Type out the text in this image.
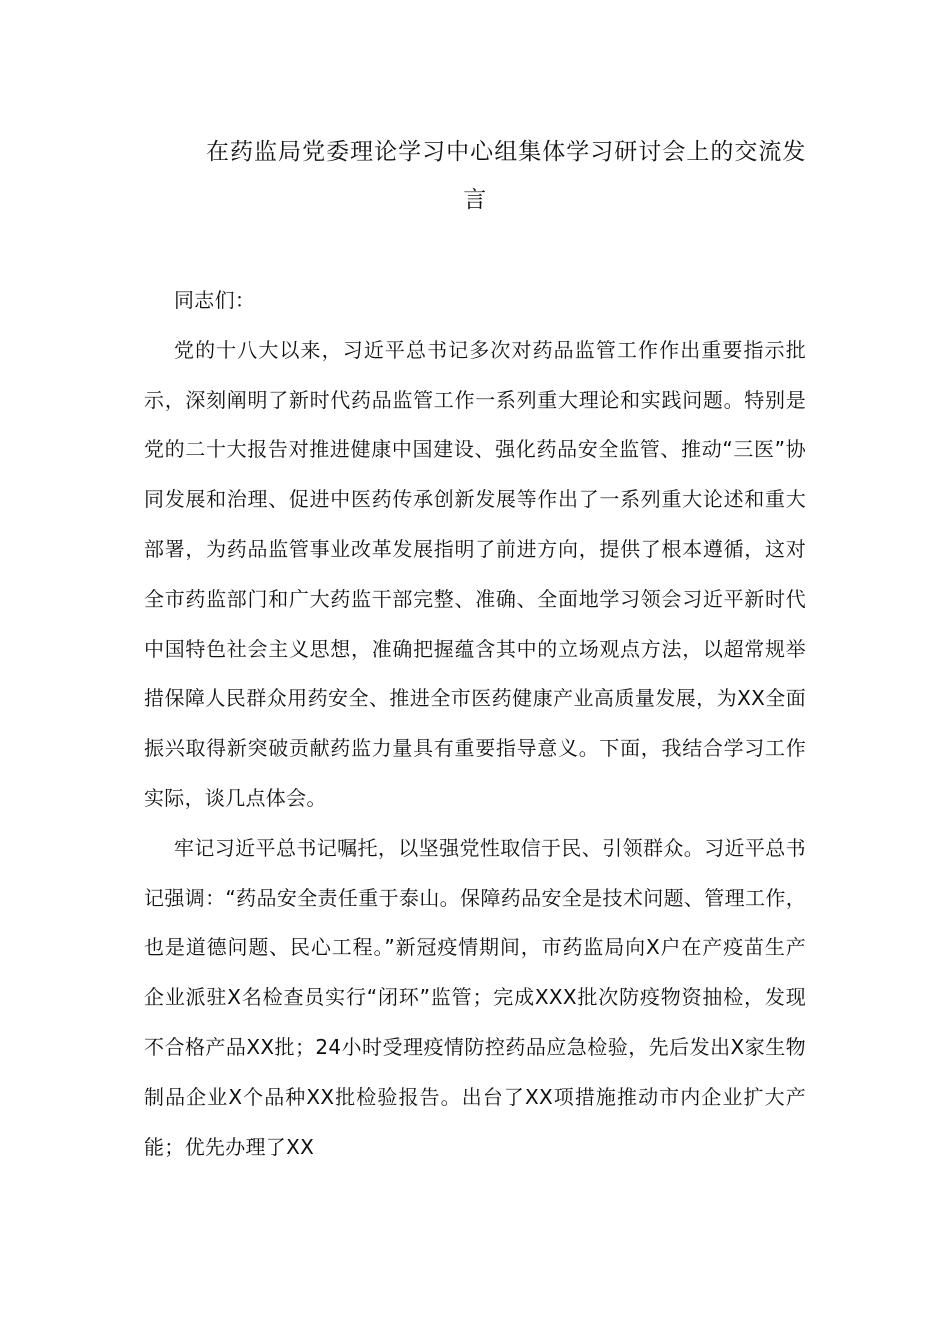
在药监局党委理论学习中心组集体学习研讨会上的交流发言

同志们：

党的十八大以来，习近平总书记多次对药品监管工作作出重要指示批示，深刻阐明了新时代药品监管工作一系列重大理论和实践问题。特别是党的二十大报告对推进健康中国建设、强化药品安全监管、推动“三医”协同发展和治理、促进中医药传承创新发展等作出了一系列重大论述和重大部署，为药品监管事业改革发展指明了前进方向，提供了根本遵循，这对全市药监部门和广大药监干部完整、准确、全面地学习领会习近平新时代中国特色社会主义思想，准确把握蕴含其中的立场观点方法，以超常规举措保障人民群众用药安全、推进全市医药健康产业高质量发展，为XX全面振兴取得新突破贡献药监力量具有重要指导意义。下面，我结合学习工作实际，谈几点体会。

牢记习近平总书记嘱托，以坚强党性取信于民、引领群众。习近平总书记强调：“药品安全责任重于泰山。保障药品安全是技术问题、管理工作，也是道德问题、民心工程。”新冠疫情期间，市药监局向X户在产疫苗生产企业派驻X名检查员实行“闭环”监管；完成XXX批次防疫物资抽检，发现不合格产品XX批；24小时受理疫情防控药品应急检验，先后发出X家生物制品企业X个品种XX批检验报告。出台了XX项措施推动市内企业扩大产能；优先办理了XX
